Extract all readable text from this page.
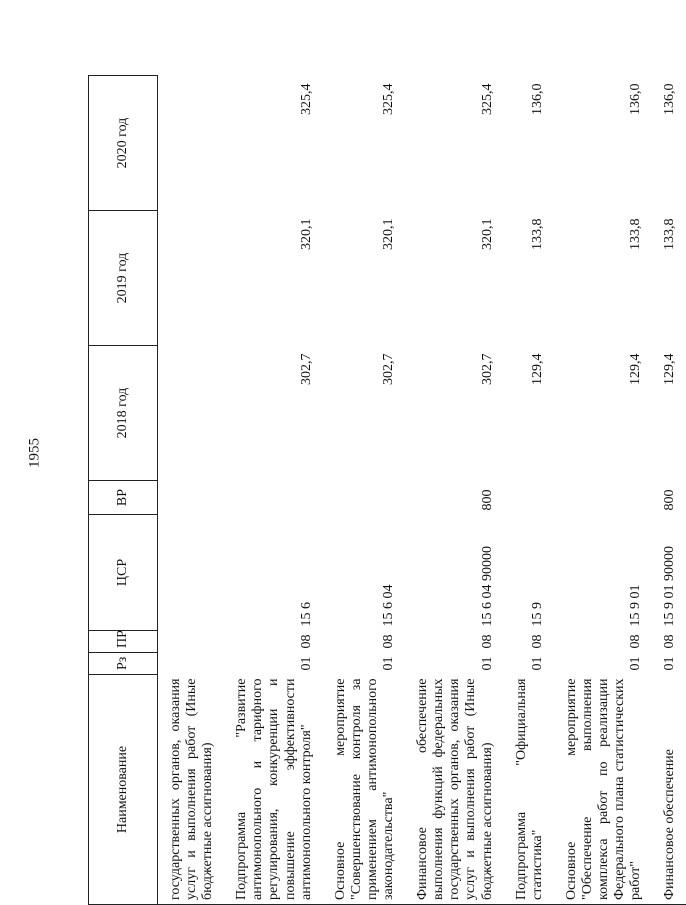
1955
Наименование	Рз	ПР	ЦСР	ВР	2018 год	2019 год	2020 год
государственных органов, оказания услуг и выполнения работ (Иные бюджетные ассигнования)							
Подпрограмма "Развитие антимонопольного и тарифного регулирования, конкуренции и повышение эффективности антимонопольного контроля"	01	08	15 6		302,7	320,1	325,4
Основное мероприятие "Совершенствование контроля за применением антимонопольного законодательства"	01	08	15 6 04		302,7	320,1	325,4
Финансовое обеспечение выполнения функций федеральных государственных органов, оказания услуг и выполнения работ (Иные бюджетные ассигнования)	01	08	15 6 04 90000	800	302,7	320,1	325,4
Подпрограмма "Официальная статистика"	01	08	15 9		129,4	133,8	136,0
Основное мероприятие "Обеспечение выполнения комплекса работ по реализации Федерального плана статистических работ"	01	08	15 9 01		129,4	133,8	136,0
Финансовое обеспечение	01	08	15 9 01 90000	800	129,4	133,8	136,0
